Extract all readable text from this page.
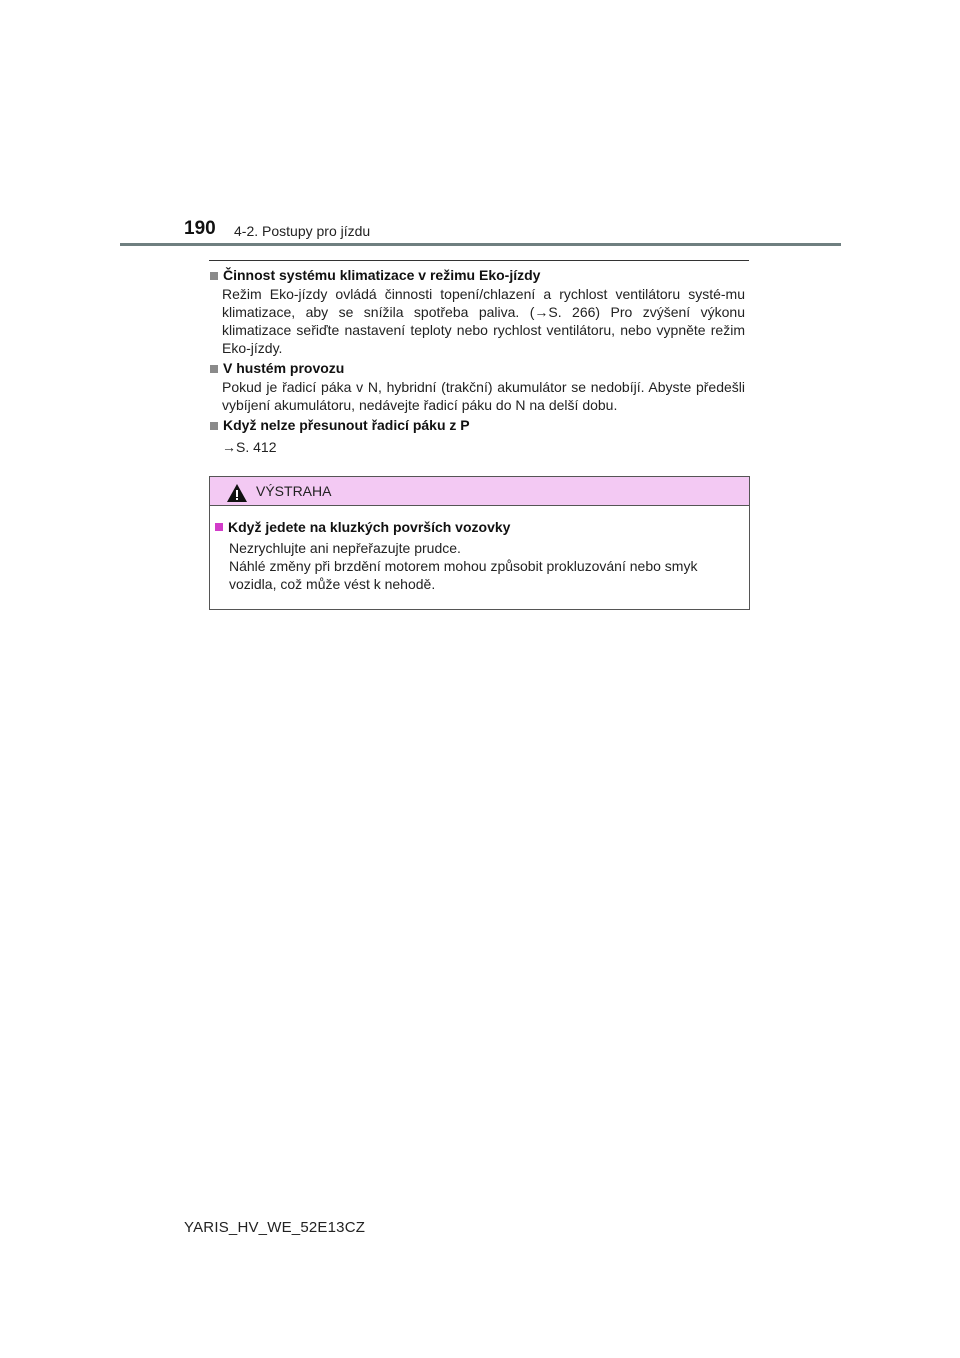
190 4-2. Postupy pro jízdu
Činnost systému klimatizace v režimu Eko-jízdy
Režim Eko-jízdy ovládá činnosti topení/chlazení a rychlost ventilátoru systé-mu klimatizace, aby se snížila spotřeba paliva. (→S. 266) Pro zvýšení výkonu klimatizace seřiďte nastavení teploty nebo rychlost ventilátoru, nebo vypněte režim Eko-jízdy.
V hustém provozu
Pokud je řadicí páka v N, hybridní (trakční) akumulátor se nedobíjí. Abyste předešli vybíjení akumulátoru, nedávejte řadicí páku do N na delší dobu.
Když nelze přesunout řadicí páku z P
→S. 412
VÝSTRAHA
Když jedete na kluzkých površích vozovky
Nezrychlujte ani nepřeřazujte prudce.
Náhlé změny při brzdění motorem mohou způsobit prokluzování nebo smyk
vozidla, což může vést k nehodě.
YARIS_HV_WE_52E13CZ
